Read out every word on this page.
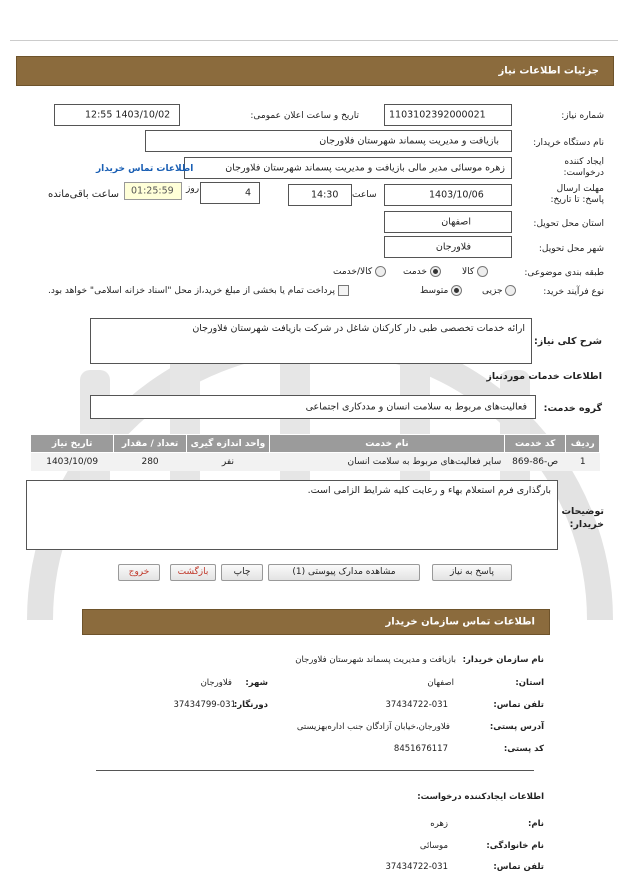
جزئیات اطلاعات نیاز
شماره نیاز:
1103102392000021
تاریخ و ساعت اعلان عمومی:
1403/10/02 12:55
نام دستگاه خریدار:
بازیافت و مدیریت پسماند شهرستان فلاورجان
ایجاد کننده درخواست:
زهره موسائی مدیر مالی بازیافت و مدیریت پسماند شهرستان فلاورجان
اطلاعات تماس خریدار
مهلت ارسال پاسخ: تا تاریخ:
1403/10/06
ساعت
14:30
4
روز
01:25:59
ساعت باقی‌مانده
استان محل تحویل:
اصفهان
شهر محل تحویل:
فلاورجان
طبقه بندی موضوعی:
کالا
خدمت
کالا/خدمت
نوع فرآیند خرید:
جزیی
متوسط
پرداخت تمام یا بخشی از مبلغ خرید،از محل "اسناد خزانه اسلامی" خواهد بود.
شرح کلی نیاز:
ارائه خدمات تخصصی طبی دار کارکنان شاغل در شرکت بازیافت شهرستان فلاورجان
اطلاعات خدمات موردنیاز
گروه خدمت:
فعالیت‌های مربوط به سلامت انسان و مددکاری اجتماعی
ردیف	کد خدمت	نام خدمت	واحد اندازه گیری	تعداد / مقدار	تاریخ نیاز
1	ص-86-869	سایر فعالیت‌های مربوط به سلامت انسان	نفر	280	1403/10/09
توضیحات خریدار:
بارگذاری فرم استعلام بهاء و رعایت کلیه شرایط الزامی است.
پاسخ به نیاز
مشاهده مدارک پیوستی (1)
چاپ
بازگشت
خروج
اطلاعات تماس سازمان خریدار
نام سازمان خریدار:
بازیافت و مدیریت پسماند شهرستان فلاورجان
استان:
اصفهان
شهر:
فلاورجان
تلفن تماس:
37434722-031
دورنگار:
37434799-031
آدرس پستی:
فلاورجان،خیابان آزادگان جنب اداره‌بهزیستی
کد پستی:
8451676117
اطلاعات ایجادکننده درخواست:
نام:
زهره
نام خانوادگی:
موسائی
تلفن تماس:
37434722-031
